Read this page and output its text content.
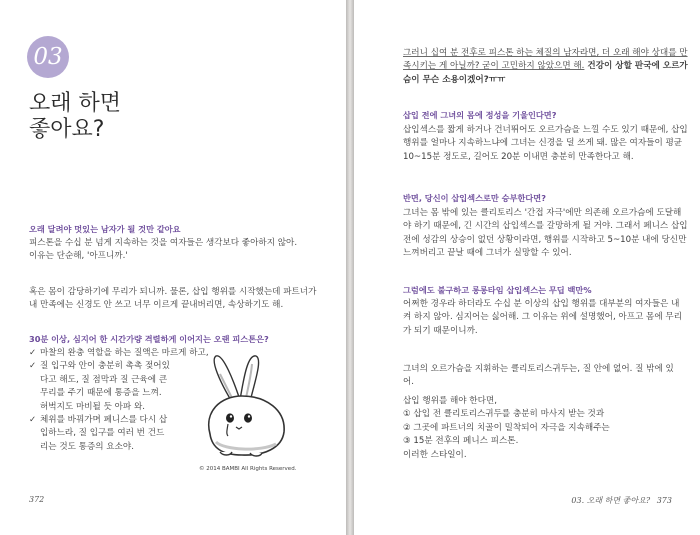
03
오래 하면
좋아요?
오래 달려야 멋있는 남자가 될 것만 같아요
피스톤을 수십 분 넘게 지속하는 것을 여자들은 생각보다 좋아하지 않아.
이유는 단순해, '아프니까.'
혹은 몸이 감당하기에 무리가 되니까. 물론, 삽입 행위를 시작했는데 파트너가
내 만족에는 신경도 안 쓰고 너무 이르게 끝내버리면, 속상하기도 해.
30분 이상, 심지어 한 시간가량 격렬하게 이어지는 오랜 피스톤은?
✓ 마찰의 완충 역할을 하는 질액은 마르게 하고,
✓ 질 입구와 안이 충분히 촉촉 젖어있
다고 해도, 질 점막과 질 근육에 큰
무리를 주기 때문에 통증을 느껴.
허벅지도 마비될 듯 아파 와.
✓ 체위를 바꿔가며 페니스를 다시 삽
입하느라, 질 입구를 여러 번 건드
리는 것도 통증의 요소야.
© 2014 BAMBI All Rights Reserved.
372
그러니 십여 분 전후로 피스톤 하는 체질의 남자라면, 더 오래 해야 상대를 만
족시키는 게 아닐까? 굳이 고민하지 않았으면 해. 건강이 상할 판국에 오르가
슴이 무슨 소용이겠어?ㅠㅠ
삽입 전에 그녀의 몸에 정성을 기울인다면?
삽입섹스를 짧게 하거나 건너뛰어도 오르가슴을 느낄 수도 있기 때문에, 삽입
행위를 얼마나 지속하느냐에 그녀는 신경을 덜 쓰게 돼. 많은 여자들이 평균
10~15분 정도로, 길어도 20분 이내면 충분히 만족한다고 해.
반면, 당신이 삽입섹스로만 승부한다면?
그녀는 몸 밖에 있는 클리토리스 '간접 자극'에만 의존해 오르가슴에 도달해
야 하기 때문에, 긴 시간의 삽입섹스를 갈망하게 될 거야. 그래서 페니스 삽입
전에 성감의 상승이 없던 상황이라면, 행위를 시작하고 5~10분 내에 당신만
느껴버리고 끝날 때에 그녀가 실망할 수 있어.
그럼에도 불구하고 롱롱타임 삽입섹스는 무딥 백만%
어쩌한 경우라 하더라도 수십 분 이상의 삽입 행위를 대부분의 여자들은 내
켜 하지 않아. 심지어는 싫어해. 그 이유는 위에 설명했어, 아프고 몸에 무리
가 되기 때문이니까.
그녀의 오르가슴을 지휘하는 클리토리스귀두는, 질 안에 없어. 질 밖에 있
어.
삽입 행위를 해야 한다면,
① 삽입 전 클리토리스귀두를 충분히 마사지 받는 것과
② 그곳에 파트너의 치골이 밀착되어 자극을 지속해주는
③ 15분 전후의 페니스 피스톤.
이러한 스타일이.
03. 오래 하면 좋아요? 373
